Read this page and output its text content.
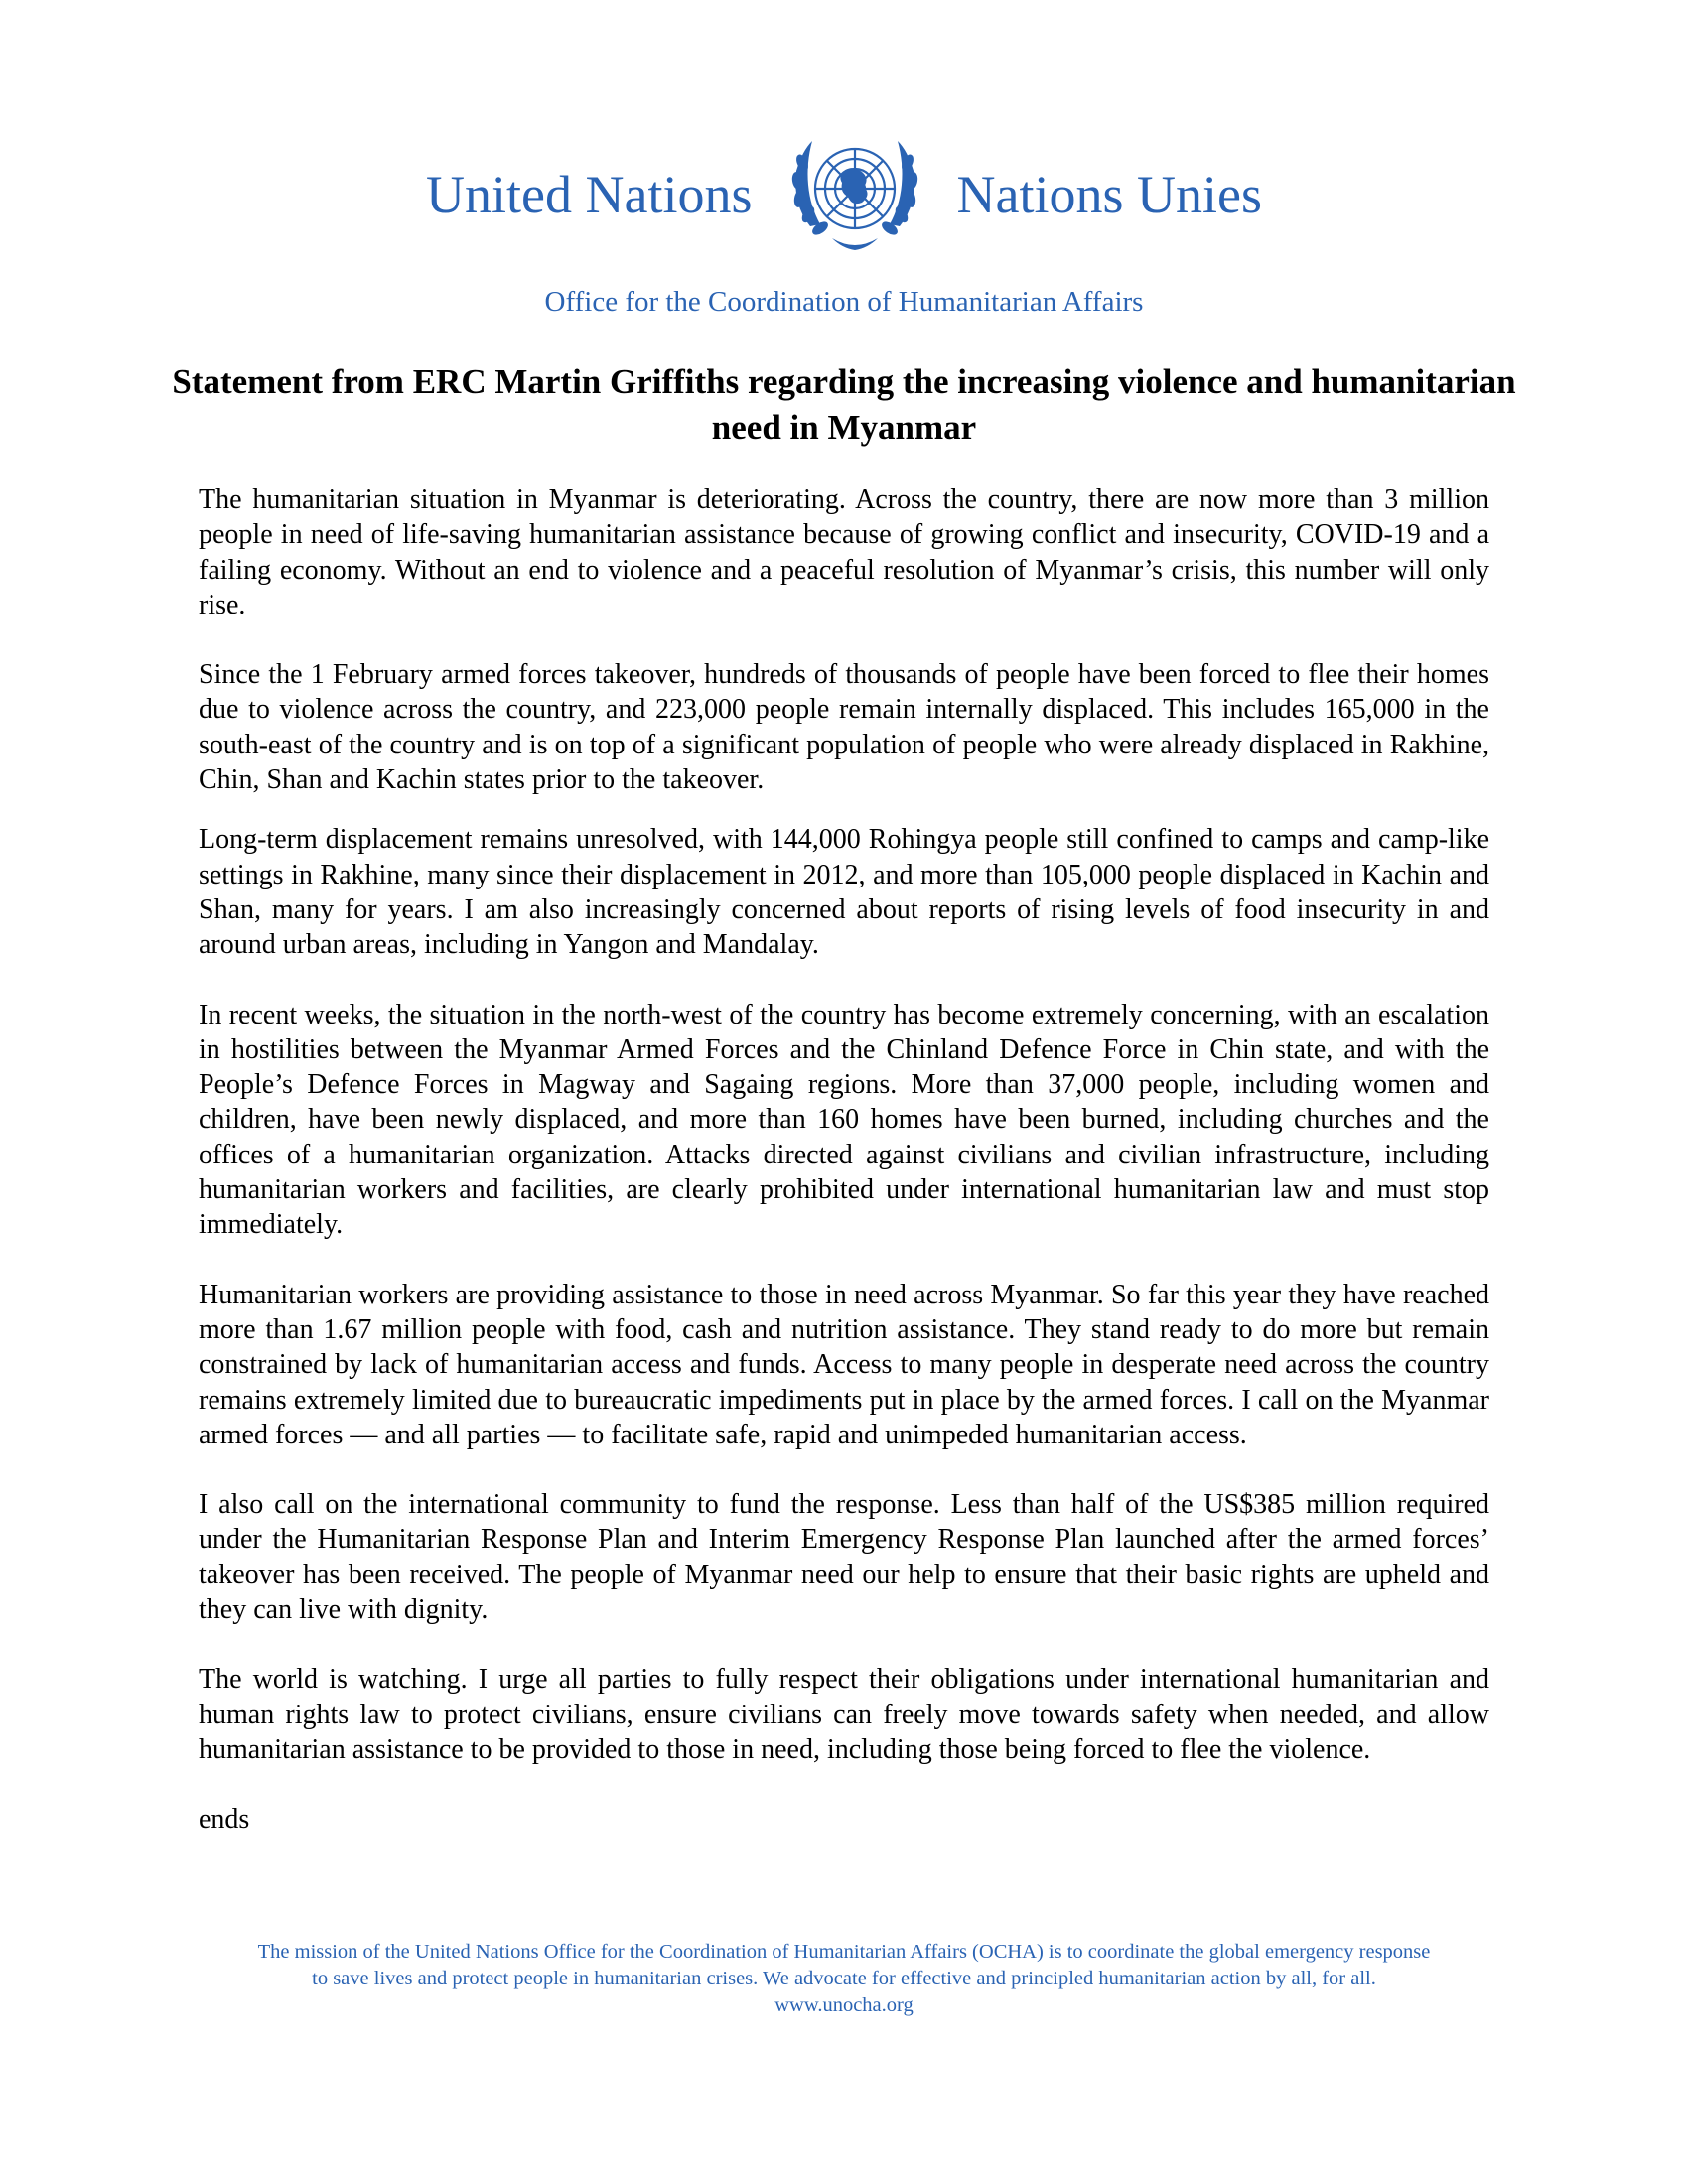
United Nations	Nations Unies
Office for the Coordination of Humanitarian Affairs
Statement from ERC Martin Griffiths regarding the increasing violence and humanitarian need in Myanmar

The humanitarian situation in Myanmar is deteriorating. Across the country, there are now more than 3 million people in need of life-saving humanitarian assistance because of growing conflict and insecurity, COVID-19 and a failing economy. Without an end to violence and a peaceful resolution of Myanmar’s crisis, this number will only rise.

Since the 1 February armed forces takeover, hundreds of thousands of people have been forced to flee their homes due to violence across the country, and 223,000 people remain internally displaced. This includes 165,000 in the south-east of the country and is on top of a significant population of people who were already displaced in Rakhine, Chin, Shan and Kachin states prior to the takeover.

Long-term displacement remains unresolved, with 144,000 Rohingya people still confined to camps and camp-like settings in Rakhine, many since their displacement in 2012, and more than 105,000 people displaced in Kachin and Shan, many for years. I am also increasingly concerned about reports of rising levels of food insecurity in and around urban areas, including in Yangon and Mandalay.

In recent weeks, the situation in the north-west of the country has become extremely concerning, with an escalation in hostilities between the Myanmar Armed Forces and the Chinland Defence Force in Chin state, and with the People’s Defence Forces in Magway and Sagaing regions. More than 37,000 people, including women and children, have been newly displaced, and more than 160 homes have been burned, including churches and the offices of a humanitarian organization. Attacks directed against civilians and civilian infrastructure, including humanitarian workers and facilities, are clearly prohibited under international humanitarian law and must stop immediately.

Humanitarian workers are providing assistance to those in need across Myanmar. So far this year they have reached more than 1.67 million people with food, cash and nutrition assistance. They stand ready to do more but remain constrained by lack of humanitarian access and funds. Access to many people in desperate need across the country remains extremely limited due to bureaucratic impediments put in place by the armed forces. I call on the Myanmar armed forces — and all parties — to facilitate safe, rapid and unimpeded humanitarian access.

I also call on the international community to fund the response. Less than half of the US$385 million required under the Humanitarian Response Plan and Interim Emergency Response Plan launched after the armed forces’ takeover has been received. The people of Myanmar need our help to ensure that their basic rights are upheld and they can live with dignity.

The world is watching. I urge all parties to fully respect their obligations under international humanitarian and human rights law to protect civilians, ensure civilians can freely move towards safety when needed, and allow humanitarian assistance to be provided to those in need, including those being forced to flee the violence.

ends

The mission of the United Nations Office for the Coordination of Humanitarian Affairs (OCHA) is to coordinate the global emergency response
to save lives and protect people in humanitarian crises. We advocate for effective and principled humanitarian action by all, for all.
www.unocha.org
